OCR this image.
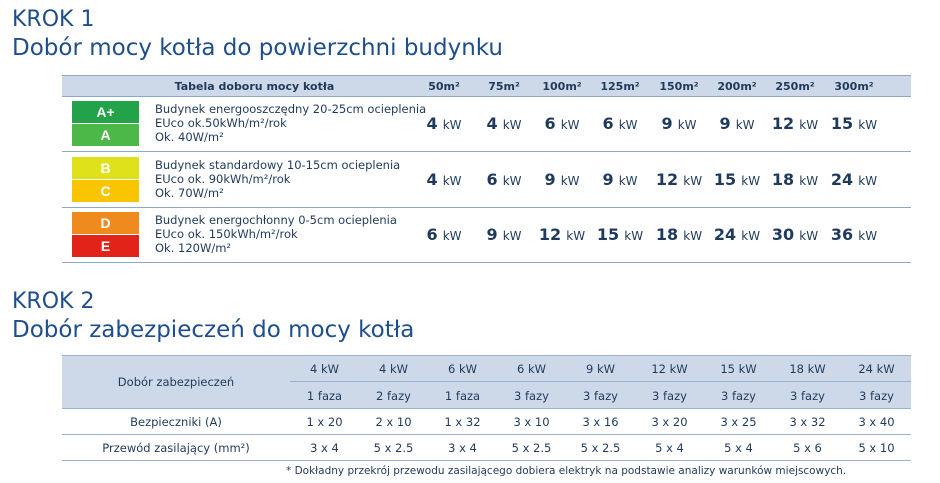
KROK 1
Dobór mocy kotła do powierzchni budynku
Tabela doboru mocy kotła	50m²	75m²	100m²	125m²	150m²	200m²	250m²	300m²
A+
A
Budynek energooszczędny 20-25cm ocieplenia
EUco ok.50kWh/m²/rok
Ok. 40W/m²
4 kW	4 kW	6 kW	6 kW	9 kW	9 kW	12 kW 15 kW
B
C
Budynek standardowy 10-15cm ocieplenia
EUco ok. 90kWh/m²/rok
Ok. 70W/m²
4 kW	6 kW	9 kW	9 kW	12 kW 15 kW 18 kW 24 kW
D
E
Budynek energochłonny 0-5cm ocieplenia
EUco ok. 150kWh/m²/rok
Ok. 120W/m²
6 kW	9 kW	12 kW 15 kW 18 kW 24 kW 30 kW 36 kW
KROK 2
Dobór zabezpieczeń do mocy kotła
Dobór zabezpieczeń
4 kW	4 kW	6 kW	6 kW	9 kW	12 kW	15 kW	18 kW	24 kW
1 faza	2 fazy	1 faza	3 fazy	3 fazy	3 fazy	3 fazy	3 fazy	3 fazy
Bezpieczniki (A)	1 x 20	2 x 10	1 x 32	3 x 10	3 x 16	3 x 20	3 x 25	3 x 32	3 x 40
Przewód zasilający (mm²)	3 x 4	5 x 2.5	3 x 4	5 x 2.5	5 x 2.5	5 x 4	5 x 4	5 x 6	5 x 10
* Dokładny przekrój przewodu zasilającego dobiera elektryk na podstawie analizy warunków miejscowych.
